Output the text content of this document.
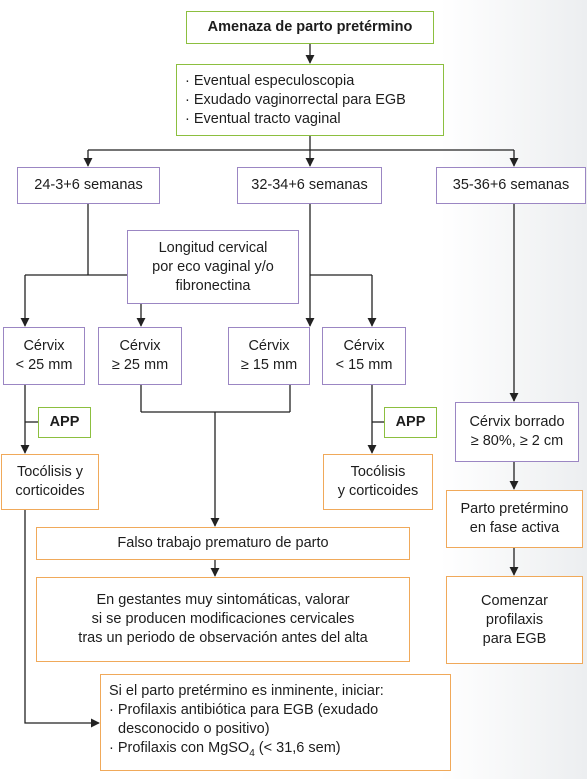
Amenaza de parto pretérmino
· Eventual especuloscopia
· Exudado vaginorrectal para EGB
· Eventual tracto vaginal
24-3+6 semanas	32-34+6 semanas	35-36+6 semanas
Longitud cervical
por eco vaginal y/o
fibronectina
Cérvix
< 25 mm
Cérvix
≥ 25 mm
Cérvix
≥ 15 mm
Cérvix
< 15 mm
APP	APP
Tocólisis y
corticoides
Tocólisis
y corticoides
Cérvix borrado
≥ 80%, ≥ 2 cm
Falso trabajo prematuro de parto
En gestantes muy sintomáticas, valorar
si se producen modificaciones cervicales
tras un periodo de observación antes del alta
Parto pretérmino
en fase activa
Comenzar
profilaxis
para EGB
Si el parto pretérmino es inminente, iniciar:
· Profilaxis antibiótica para EGB (exudado
desconocido o positivo)
· Profilaxis con MgSO$_4$ (< 31,6 sem)
